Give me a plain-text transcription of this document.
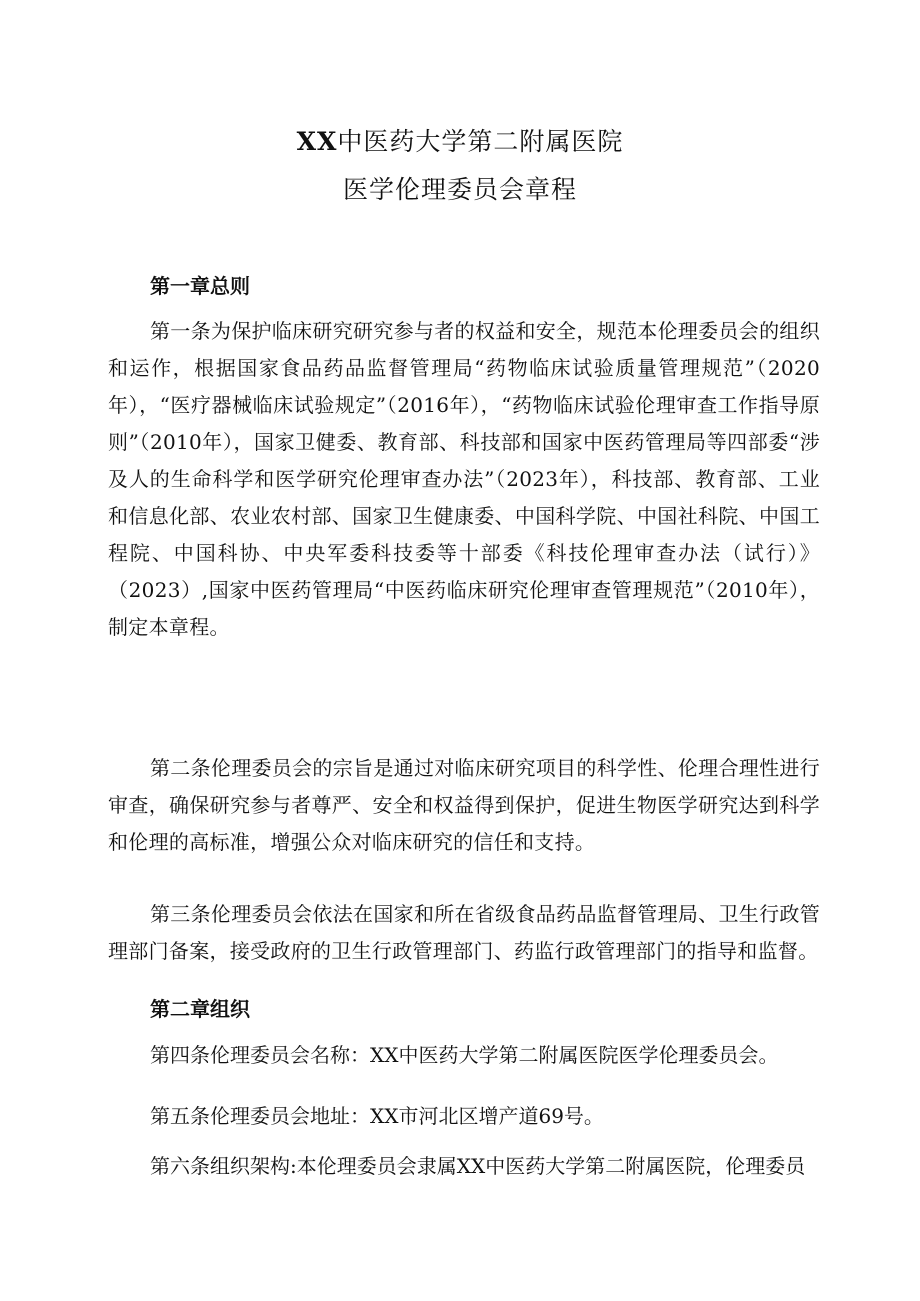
XX中医药大学第二附属医院
医学伦理委员会章程
第一章总则

第一条为保护临床研究研究参与者的权益和安全，规范本伦理委员会的组织和运作，根据国家食品药品监督管理局“药物临床试验质量管理规范”（2020年），“医疗器械临床试验规定”（2016年），“药物临床试验伦理审查工作指导原则”（2010年），国家卫健委、教育部、科技部和国家中医药管理局等四部委“涉及人的生命科学和医学研究伦理审查办法”（2023年），科技部、教育部、工业和信息化部、农业农村部、国家卫生健康委、中国科学院、中国社科院、中国工程院、中国科协、中央军委科技委等十部委《科技伦理审查办法（试行）》（2023）,国家中医药管理局“中医药临床研究伦理审查管理规范”（2010年），制定本章程。

第二条伦理委员会的宗旨是通过对临床研究项目的科学性、伦理合理性进行审查，确保研究参与者尊严、安全和权益得到保护，促进生物医学研究达到科学和伦理的高标准，增强公众对临床研究的信任和支持。

第三条伦理委员会依法在国家和所在省级食品药品监督管理局、卫生行政管理部门备案，接受政府的卫生行政管理部门、药监行政管理部门的指导和监督。

第二章组织
第四条伦理委员会名称：XX中医药大学第二附属医院医学伦理委员会。
第五条伦理委员会地址：XX市河北区增产道69号。
第六条组织架构:本伦理委员会隶属XX中医药大学第二附属医院，伦理委员
